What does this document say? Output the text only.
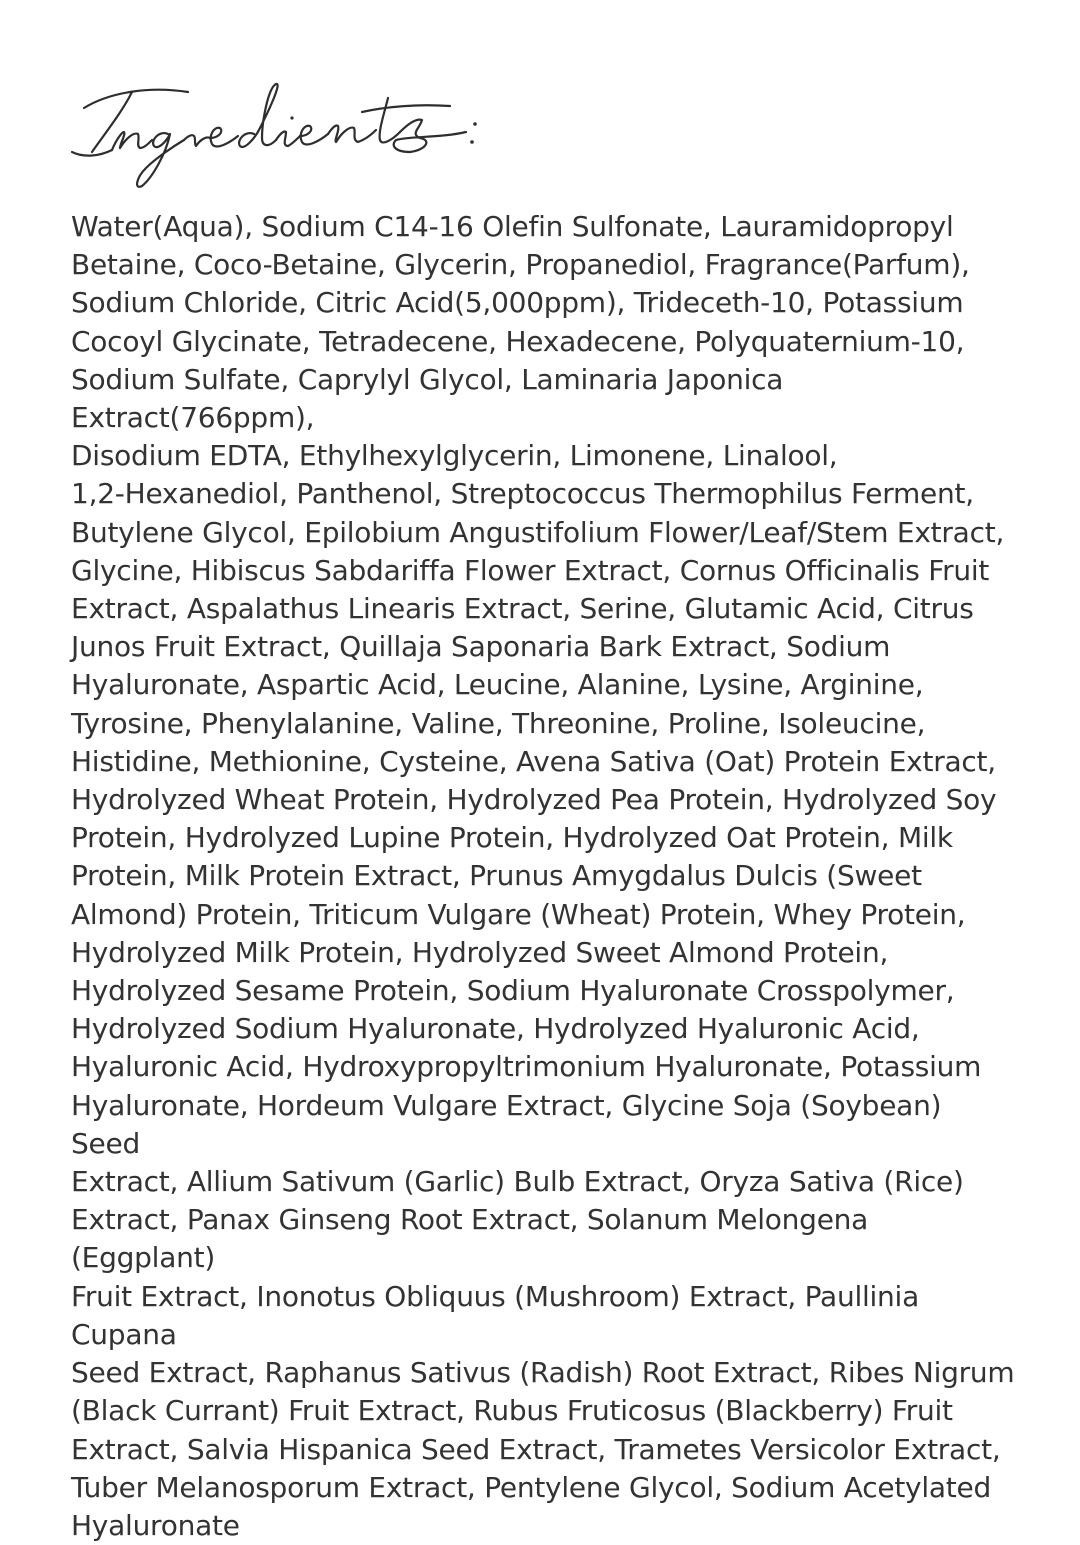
Water(Aqua), Sodium C14-16 Olefin Sulfonate, Lauramidopropyl
Betaine, Coco-Betaine, Glycerin, Propanediol, Fragrance(Parfum),
Sodium Chloride, Citric Acid(5,000ppm), Trideceth-10, Potassium
Cocoyl Glycinate, Tetradecene, Hexadecene, Polyquaternium-10,
Sodium Sulfate, Caprylyl Glycol, Laminaria Japonica Extract(766ppm),
Disodium EDTA, Ethylhexylglycerin, Limonene, Linalool,
1,2-Hexanediol, Panthenol, Streptococcus Thermophilus Ferment,
Butylene Glycol, Epilobium Angustifolium Flower/Leaf/Stem Extract,
Glycine, Hibiscus Sabdariffa Flower Extract, Cornus Officinalis Fruit
Extract, Aspalathus Linearis Extract, Serine, Glutamic Acid, Citrus
Junos Fruit Extract, Quillaja Saponaria Bark Extract, Sodium
Hyaluronate, Aspartic Acid, Leucine, Alanine, Lysine, Arginine,
Tyrosine, Phenylalanine, Valine, Threonine, Proline, Isoleucine,
Histidine, Methionine, Cysteine, Avena Sativa (Oat) Protein Extract,
Hydrolyzed Wheat Protein, Hydrolyzed Pea Protein, Hydrolyzed Soy
Protein, Hydrolyzed Lupine Protein, Hydrolyzed Oat Protein, Milk
Protein, Milk Protein Extract, Prunus Amygdalus Dulcis (Sweet
Almond) Protein, Triticum Vulgare (Wheat) Protein, Whey Protein,
Hydrolyzed Milk Protein, Hydrolyzed Sweet Almond Protein,
Hydrolyzed Sesame Protein, Sodium Hyaluronate Crosspolymer,
Hydrolyzed Sodium Hyaluronate, Hydrolyzed Hyaluronic Acid,
Hyaluronic Acid, Hydroxypropyltrimonium Hyaluronate, Potassium
Hyaluronate, Hordeum Vulgare Extract, Glycine Soja (Soybean) Seed
Extract, Allium Sativum (Garlic) Bulb Extract, Oryza Sativa (Rice)
Extract, Panax Ginseng Root Extract, Solanum Melongena (Eggplant)
Fruit Extract, Inonotus Obliquus (Mushroom) Extract, Paullinia Cupana
Seed Extract, Raphanus Sativus (Radish) Root Extract, Ribes Nigrum
(Black Currant) Fruit Extract, Rubus Fruticosus (Blackberry) Fruit
Extract, Salvia Hispanica Seed Extract, Trametes Versicolor Extract,
Tuber Melanosporum Extract, Pentylene Glycol, Sodium Acetylated
Hyaluronate
